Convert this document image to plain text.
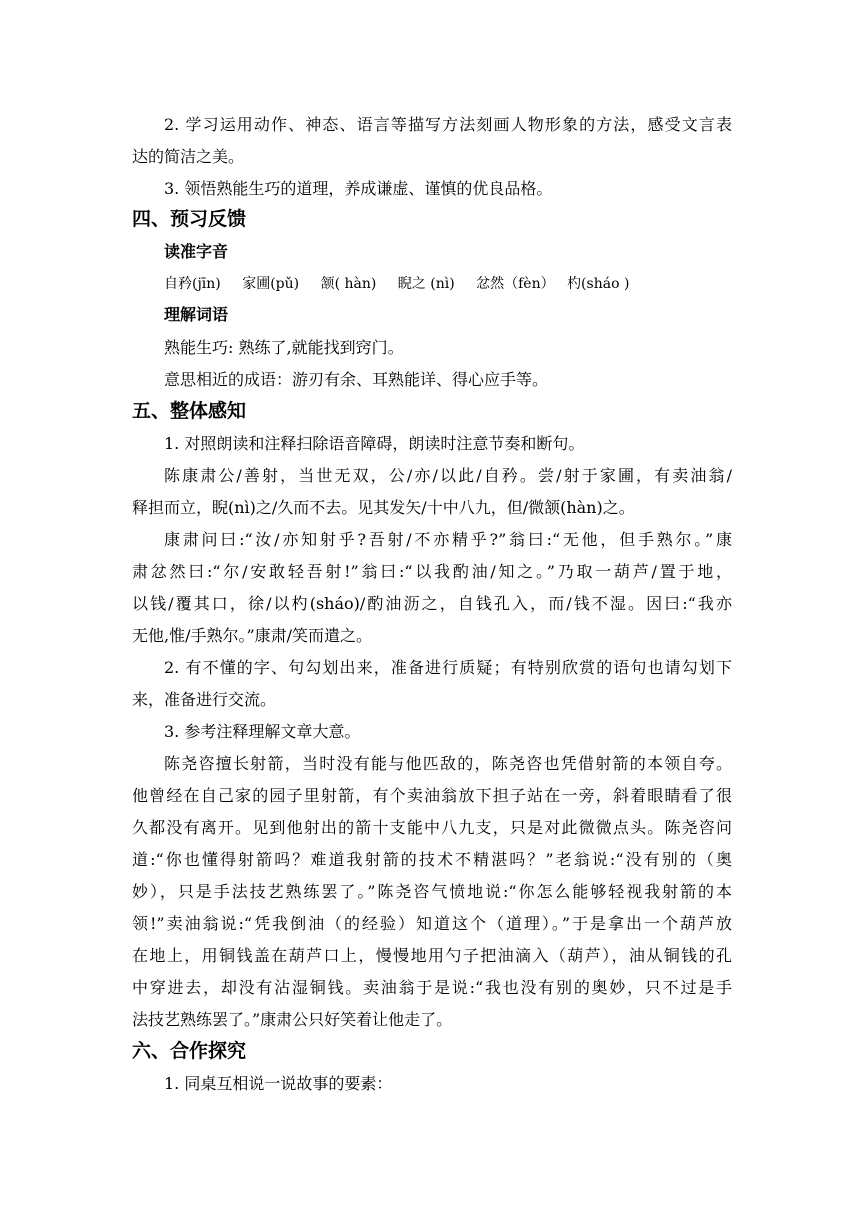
2. 学习运用动作、神态、语言等描写方法刻画人物形象的方法，感受文言表
达的简洁之美。
3. 领悟熟能生巧的道理，养成谦虚、谨慎的优良品格。
四、预习反馈
读准字音
自矜(jīn) 家圃(pǔ) 颔( hàn) 睨之 (nì) 忿然（fèn） 杓(sháo )
理解词语
熟能生巧: 熟练了,就能找到窍门。
意思相近的成语：游刃有余、耳熟能详、得心应手等。
五、整体感知
1. 对照朗读和注释扫除语音障碍，朗读时注意节奏和断句。
陈康肃公/善射，当世无双，公/亦/以此/自矜。尝/射于家圃，有卖油翁/
释担而立，睨(nì)之/久而不去。见其发矢/十中八九，但/微颔(hàn)之。
康肃问曰:“汝/亦知射乎?吾射/不亦精乎?”翁曰:“无他，但手熟尔。”康
肃忿然曰:“尔/安敢轻吾射!”翁曰:“以我酌油/知之。”乃取一葫芦/置于地，
以钱/覆其口，徐/以杓(sháo)/酌油沥之，自钱孔入，而/钱不湿。因曰:“我亦
无他,惟/手熟尔。”康肃/笑而遣之。
2. 有不懂的字、句勾划出来，准备进行质疑；有特别欣赏的语句也请勾划下
来，准备进行交流。
3. 参考注释理解文章大意。
陈尧咨擅长射箭，当时没有能与他匹敌的，陈尧咨也凭借射箭的本领自夸。
他曾经在自己家的园子里射箭，有个卖油翁放下担子站在一旁，斜着眼睛看了很
久都没有离开。见到他射出的箭十支能中八九支，只是对此微微点头。陈尧咨问
道:“你也懂得射箭吗？难道我射箭的技术不精湛吗？”老翁说:“没有别的（奥
妙），只是手法技艺熟练罢了。”陈尧咨气愤地说:“你怎么能够轻视我射箭的本
领!”卖油翁说:“凭我倒油（的经验）知道这个（道理）。”于是拿出一个葫芦放
在地上，用铜钱盖在葫芦口上，慢慢地用勺子把油滴入（葫芦），油从铜钱的孔
中穿进去，却没有沾湿铜钱。卖油翁于是说:“我也没有别的奥妙，只不过是手
法技艺熟练罢了。”康肃公只好笑着让他走了。
六、合作探究
1. 同桌互相说一说故事的要素：
